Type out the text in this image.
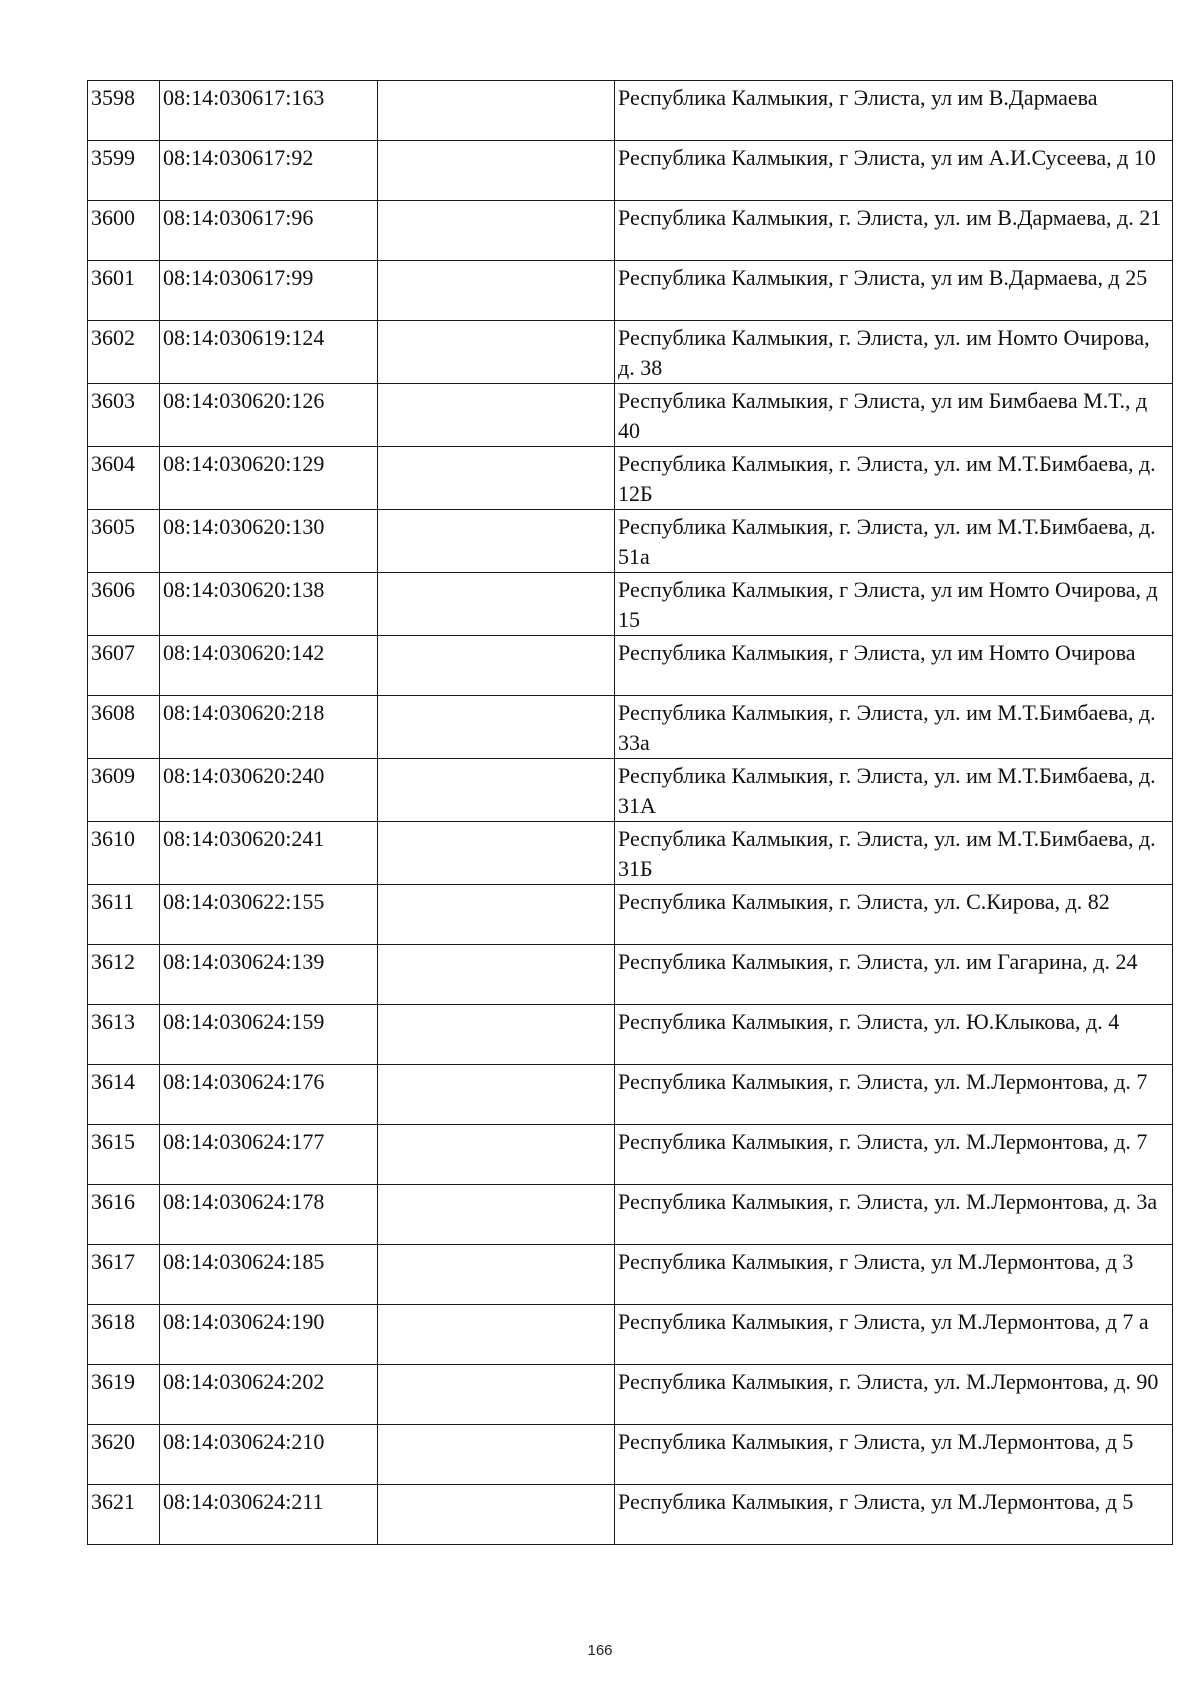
3598	08:14:030617:163		Республика Калмыкия, г Элиста, ул им В.Дармаева
3599	08:14:030617:92		Республика Калмыкия, г Элиста, ул им А.И.Сусеева, д 10
3600	08:14:030617:96		Республика Калмыкия, г. Элиста, ул. им В.Дармаева, д. 21
3601	08:14:030617:99		Республика Калмыкия, г Элиста, ул им В.Дармаева, д 25
3602	08:14:030619:124		Республика Калмыкия, г. Элиста, ул. им Номто Очирова, д. 38
3603	08:14:030620:126		Республика Калмыкия, г Элиста, ул им Бимбаева М.Т., д 40
3604	08:14:030620:129		Республика Калмыкия, г. Элиста, ул. им М.Т.Бимбаева, д. 12Б
3605	08:14:030620:130		Республика Калмыкия, г. Элиста, ул. им М.Т.Бимбаева, д. 51а
3606	08:14:030620:138		Республика Калмыкия, г Элиста, ул им Номто Очирова, д 15
3607	08:14:030620:142		Республика Калмыкия, г Элиста, ул им Номто Очирова
3608	08:14:030620:218		Республика Калмыкия, г. Элиста, ул. им М.Т.Бимбаева, д. 33а
3609	08:14:030620:240		Республика Калмыкия, г. Элиста, ул. им М.Т.Бимбаева, д. 31А
3610	08:14:030620:241		Республика Калмыкия, г. Элиста, ул. им М.Т.Бимбаева, д. 31Б
3611	08:14:030622:155		Республика Калмыкия, г. Элиста, ул. С.Кирова, д. 82
3612	08:14:030624:139		Республика Калмыкия, г. Элиста, ул. им Гагарина, д. 24
3613	08:14:030624:159		Республика Калмыкия, г. Элиста, ул. Ю.Клыкова, д. 4
3614	08:14:030624:176		Республика Калмыкия, г. Элиста, ул. М.Лермонтова, д. 7
3615	08:14:030624:177		Республика Калмыкия, г. Элиста, ул. М.Лермонтова, д. 7
3616	08:14:030624:178		Республика Калмыкия, г. Элиста, ул. М.Лермонтова, д. 3а
3617	08:14:030624:185		Республика Калмыкия, г Элиста, ул М.Лермонтова, д 3
3618	08:14:030624:190		Республика Калмыкия, г Элиста, ул М.Лермонтова, д 7 а
3619	08:14:030624:202		Республика Калмыкия, г. Элиста, ул. М.Лермонтова, д. 90
3620	08:14:030624:210		Республика Калмыкия, г Элиста, ул М.Лермонтова, д 5
3621	08:14:030624:211		Республика Калмыкия, г Элиста, ул М.Лермонтова, д 5
166
